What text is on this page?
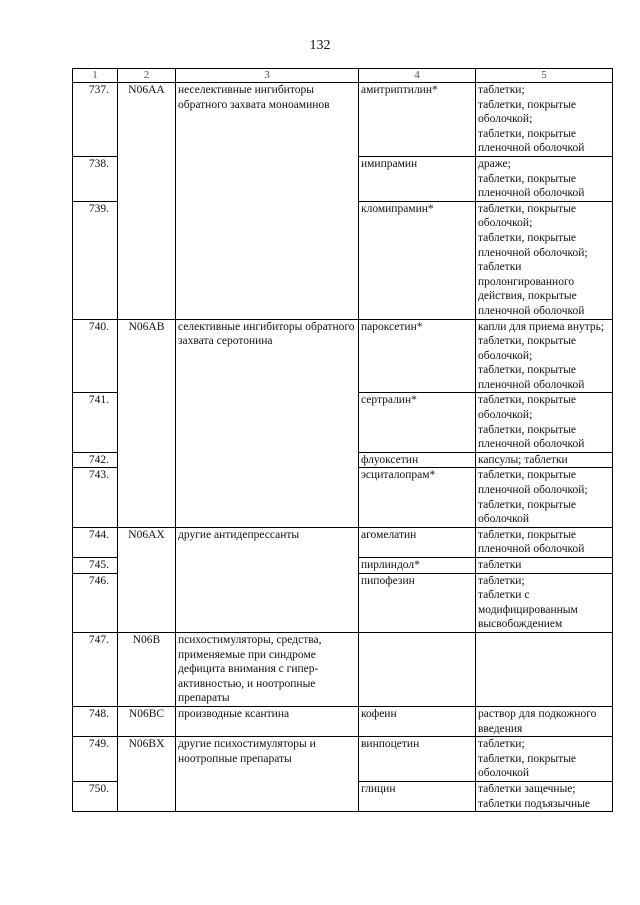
132
1	2	3	4	5
737.	N06AA	неселективные ингибиторы обратного захвата моноаминов	амитриптилин*	таблетки;
таблетки, покрытые оболочкой;
таблетки, покрытые пленочной оболочкой

738.			имипрамин	драже;
таблетки, покрытые пленочной оболочкой

739.			кломипрамин*	таблетки, покрытые оболочкой;
таблетки, покрытые пленочной оболочкой;
таблетки пролонгированного действия, покрытые пленочной оболочкой

740.	N06AB	селективные ингибиторы обратного захвата серотонина	пароксетин*	капли для приема внутрь;
таблетки, покрытые оболочкой;
таблетки, покрытые пленочной оболочкой

741.			сертралин*	таблетки, покрытые оболочкой;
таблетки, покрытые пленочной оболочкой

742.			флуоксетин	капсулы; таблетки

743.			эсциталопрам*	таблетки, покрытые пленочной оболочкой;
таблетки, покрытые оболочкой

744.	N06AX	другие антидепрессанты	агомелатин	таблетки, покрытые пленочной оболочкой

745.			пирлиндол*	таблетки

746.			пипофезин	таблетки;
таблетки с модифицированным высвобождением

747.	N06B	психостимуляторы, средства, применяемые при синдроме дефицита внимания с гипер-активностью, и ноотропные препараты		
748.	N06BC	производные ксантина	кофеин	раствор для подкожного введения

749.	N06BX	другие психостимуляторы и ноотропные препараты	винпоцетин	таблетки;
таблетки, покрытые оболочкой

750.			глицин	таблетки защечные;
таблетки подъязычные
